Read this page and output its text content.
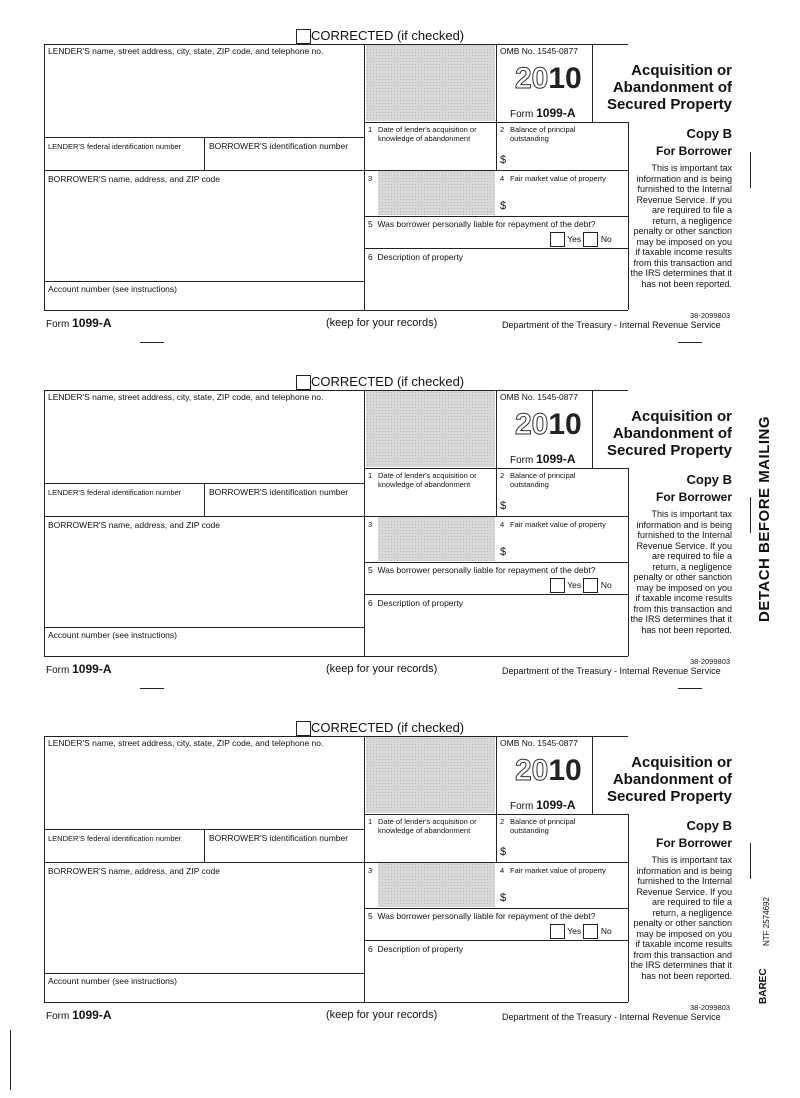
CORRECTED (if checked)
LENDER'S name, street address, city, state, ZIP code, and telephone no.	OMB No. 1545-0877
2010
Form 1099-A
Acquisition or
Abandonment of
Secured Property
1 Date of lender's acquisition or knowledge of abandonment
2 Balance of principal outstanding
$
LENDER'S federal identification number	BORROWER'S identification number
Copy B
For Borrower
This is important tax information and is being furnished to the Internal Revenue Service. If you are required to file a return, a negligence penalty or other sanction may be imposed on you if taxable income results from this transaction and the IRS determines that it has not been reported.
BORROWER'S name, address, and ZIP code	3	4 Fair market value of property
$
5 Was borrower personally liable for repayment of the debt?
Yes No
6 Description of property
Account number (see instructions)
38-2099803
Form 1099-A	(keep for your records)	Department of the Treasury - Internal Revenue Service
CORRECTED (if checked)
LENDER'S name, street address, city, state, ZIP code, and telephone no.	OMB No. 1545-0877
2010
Form 1099-A
Acquisition or
Abandonment of
Secured Property
1 Date of lender's acquisition or knowledge of abandonment
2 Balance of principal outstanding
$
LENDER'S federal identification number	BORROWER'S identification number
Copy B
For Borrower
This is important tax information and is being furnished to the Internal Revenue Service. If you are required to file a return, a negligence penalty or other sanction may be imposed on you if taxable income results from this transaction and the IRS determines that it has not been reported.
BORROWER'S name, address, and ZIP code	3	4 Fair market value of property
$
5 Was borrower personally liable for repayment of the debt?
Yes No
6 Description of property
Account number (see instructions)
38-2099803
Form 1099-A	(keep for your records)	Department of the Treasury - Internal Revenue Service
CORRECTED (if checked)
LENDER'S name, street address, city, state, ZIP code, and telephone no.	OMB No. 1545-0877
2010
Form 1099-A
Acquisition or
Abandonment of
Secured Property
1 Date of lender's acquisition or knowledge of abandonment
2 Balance of principal outstanding
$
LENDER'S federal identification number	BORROWER'S identification number
Copy B
For Borrower
This is important tax information and is being furnished to the Internal Revenue Service. If you are required to file a return, a negligence penalty or other sanction may be imposed on you if taxable income results from this transaction and the IRS determines that it has not been reported.
BORROWER'S name, address, and ZIP code	3	4 Fair market value of property
$
5 Was borrower personally liable for repayment of the debt?
Yes No
6 Description of property
Account number (see instructions)
38-2099803
Form 1099-A	(keep for your records)	Department of the Treasury - Internal Revenue Service
DETACH BEFORE MAILING
NTF 2574692
BAREC
